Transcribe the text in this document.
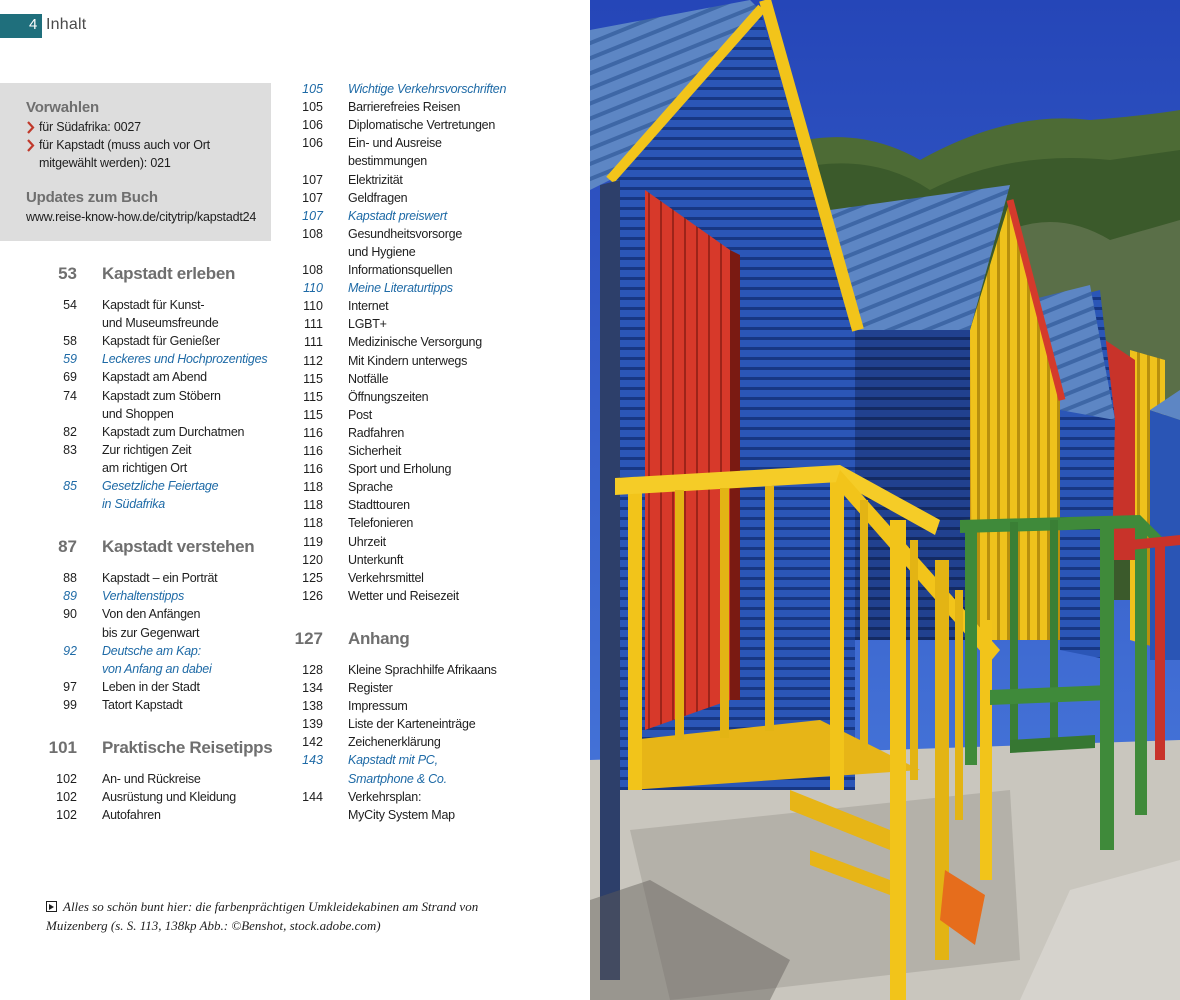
4 Inhalt
Vorwahlen
für Südafrika: 0027
für Kapstadt (muss auch vor Ort
mitgewählt werden): 021
Updates zum Buch
www.reise-know-how.de/citytrip/kapstadt24
53 Kapstadt erleben
54 Kapstadt für Kunst-
und Museumsfreunde
58 Kapstadt für Genießer
59 Leckeres und Hochprozentiges
69 Kapstadt am Abend
74 Kapstadt zum Stöbern
und Shoppen
82 Kapstadt zum Durchatmen
83 Zur richtigen Zeit
am richtigen Ort
85 Gesetzliche Feiertage
in Südafrika
87 Kapstadt verstehen
88 Kapstadt – ein Porträt
89 Verhaltenstipps
90 Von den Anfängen
bis zur Gegenwart
92 Deutsche am Kap:
von Anfang an dabei
97 Leben in der Stadt
99 Tatort Kapstadt
101 Praktische Reisetipps
102 An- und Rückreise
102 Ausrüstung und Kleidung
102 Autofahren
105 Wichtige Verkehrsvorschriften
105 Barrierefreies Reisen
106 Diplomatische Vertretungen
106 Ein- und Ausreise
bestimmungen
107 Elektrizität
107 Geldfragen
107 Kapstadt preiswert
108 Gesundheitsvorsorge
und Hygiene
108 Informationsquellen
110 Meine Literaturtipps
110 Internet
111 LGBT+
111 Medizinische Versorgung
112 Mit Kindern unterwegs
115 Notfälle
115 Öffnungszeiten
115 Post
116 Radfahren
116 Sicherheit
116 Sport und Erholung
118 Sprache
118 Stadttouren
118 Telefonieren
119 Uhrzeit
120 Unterkunft
125 Verkehrsmittel
126 Wetter und Reisezeit
127 Anhang
128 Kleine Sprachhilfe Afrikaans
134 Register
138 Impressum
139 Liste der Karteneinträge
142 Zeichenerklärung
143 Kapstadt mit PC,
Smartphone & Co.
144 Verkehrsplan:
MyCity System Map
Alles so schön bunt hier: die farbenprächtigen Umkleidekabinen am Strand von Muizenberg (s. S. 113, 138kp Abb.: ©Benshot, stock.adobe.com)
